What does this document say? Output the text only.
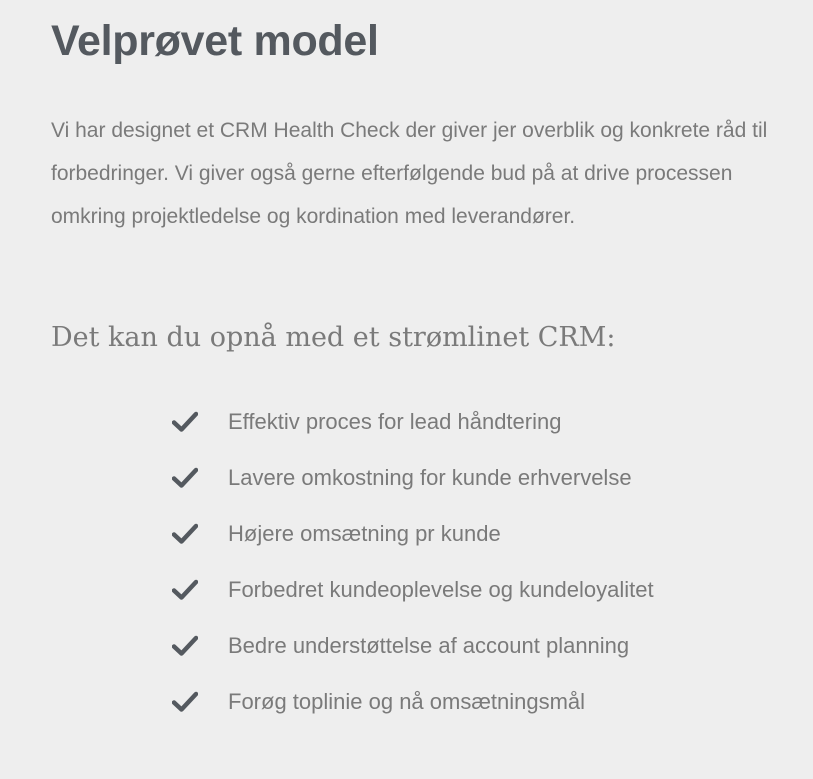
Velprøvet model

Vi har designet et CRM Health Check der giver jer overblik og konkrete råd til forbedringer. Vi giver også gerne efterfølgende bud på at drive processen omkring projektledelse og kordination med leverandører.

Det kan du opnå med et strømlinet CRM:
Effektiv proces for lead håndtering
Lavere omkostning for kunde erhvervelse
Højere omsætning pr kunde
Forbedret kundeoplevelse og kundeloyalitet
Bedre understøttelse af account planning
Forøg toplinie og nå omsætningsmål
